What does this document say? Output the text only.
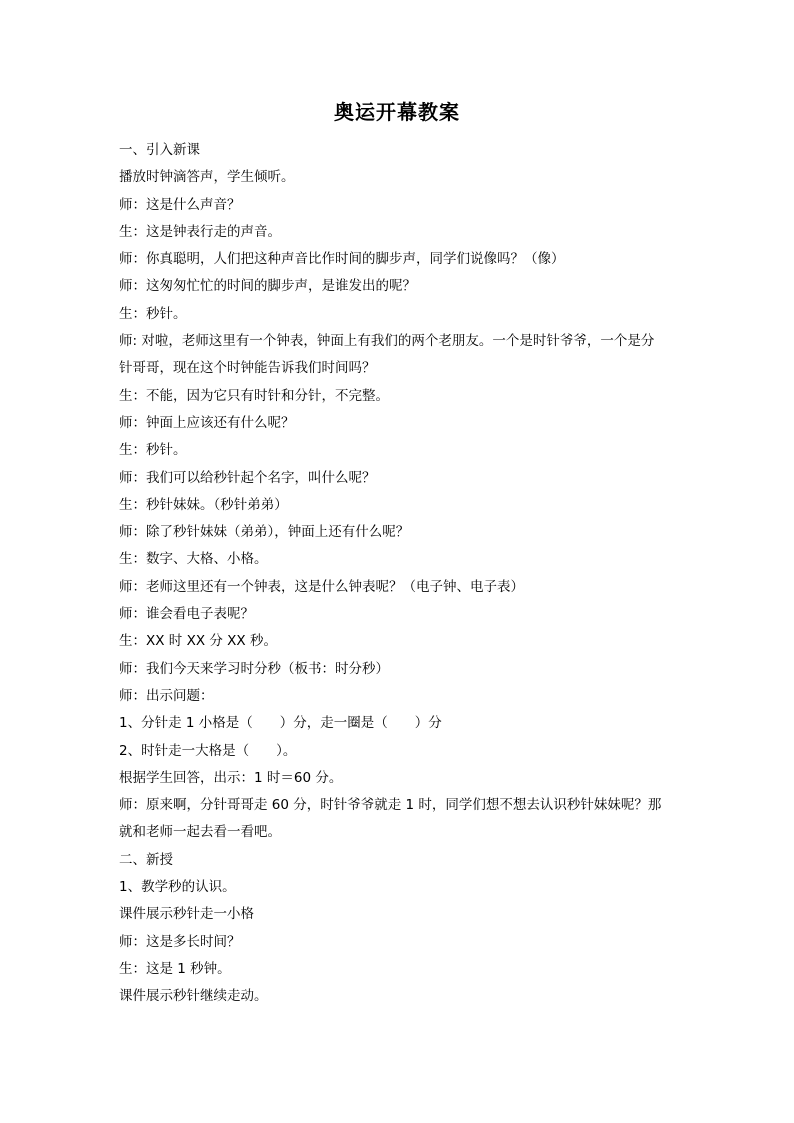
奥运开幕教案
一、引入新课
播放时钟滴答声，学生倾听。
师：这是什么声音？
生：这是钟表行走的声音。
师：你真聪明，人们把这种声音比作时间的脚步声，同学们说像吗？（像）
师：这匆匆忙忙的时间的脚步声，是谁发出的呢？
生：秒针。
师: 对啦，老师这里有一个钟表，钟面上有我们的两个老朋友。一个是时针爷爷，一个是分
针哥哥，现在这个时钟能告诉我们时间吗？
生：不能，因为它只有时针和分针，不完整。
师：钟面上应该还有什么呢？
生：秒针。
师：我们可以给秒针起个名字，叫什么呢？
生：秒针妹妹。（秒针弟弟）
师：除了秒针妹妹（弟弟），钟面上还有什么呢？
生：数字、大格、小格。
师：老师这里还有一个钟表，这是什么钟表呢？（电子钟、电子表）
师：谁会看电子表呢？
生：XX 时 XX 分 XX 秒。
师：我们今天来学习时分秒（板书：时分秒）
师：出示问题：
1、分针走 1 小格是（　　）分，走一圈是（　　）分
2、时针走一大格是（　　）。
根据学生回答，出示：1 时＝60 分。
师：原来啊，分针哥哥走 60 分，时针爷爷就走 1 时，同学们想不想去认识秒针妹妹呢？那
就和老师一起去看一看吧。
二、新授
1、教学秒的认识。
课件展示秒针走一小格
师：这是多长时间？
生：这是 1 秒钟。
课件展示秒针继续走动。
